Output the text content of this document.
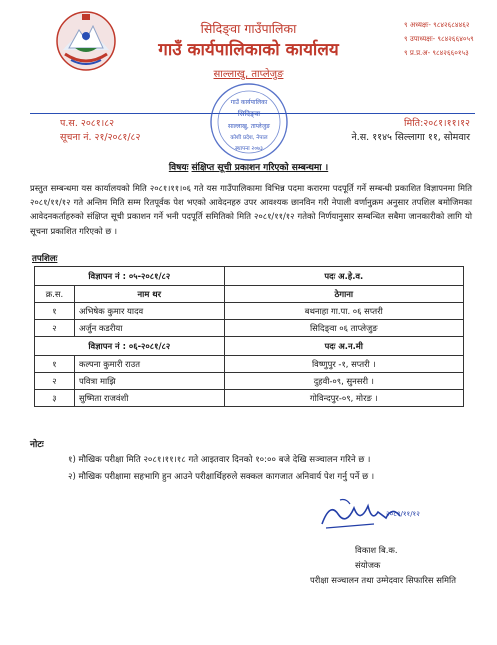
सिदिङ्वा गाउँपालिका
गाउँ कार्यपालिकाको कार्यालय
साल्लाखु, ताप्लेजुङ
९ अध्यक्षः- ९८४२६८४४६२
९ उपाध्यक्षः- ९८४२६६४०५९
९ प्र.प्र.अ- ९८४२६६०१५३
प.स. २०८१।८२
सूचना नं. २१/२०८१/८२
मिति:२०८१।११।१२
ने.स. ११४५ सिल्लागा ११, सोमवार
गाउँ कार्यपालिका
सिदिङ्वा
साल्लाखु, ताप्लेजुङ
कोशी प्रदेश, नेपाल
स्थापना २०७३
विषयः संक्षिप्त सूची प्रकाशन गरिएको सम्बन्धमा ।
प्रस्तुत सम्बन्धमा यस कार्यालयको मिति २०८१।११।०६ गते यस गाउँपालिकामा विभिन्न पदमा करारमा पदपूर्ति गर्ने सम्बन्धी प्रकाशित विज्ञापनमा मिति २०८१/११/१२ गते अन्तिम मिति सम्म रितपूर्वक पेश भएको आवेदनहरु उपर आवश्यक छानविन गरी नेपाली वर्णानुक्रम अनुसार तपशिल बमोजिमका आवेदनकर्ताहरुको संक्षिप्त सूची प्रकाशन गर्ने भनी पदपूर्ति समितिको मिति २०८१/११/१२ गतेको निर्णयानुसार सम्बन्धित सबैमा जानकारीको लागि यो सूचना प्रकाशित गरिएको छ ।
तपशिलः
विज्ञापन नं : ०५-२०८१/८२		पदः अ.हे.व.
क्र.स.	नाम थर	ठेगाना
१	अभिषेक कुमार यादव	बथनाहा गा.पा. ०६ सप्तरी
२	अर्जुन कडरीया	सिदिङ्वा ०६ ताप्लेजुङ
विज्ञापन नं : ०६-२०८१/८२		पदः अ.न.मी
१	कल्पना कुमारी राउत	विष्णुपुर -१, सप्तरी ।
२	पवित्रा माझि	दुहवी-०९, सुनसरी ।
३	सुष्मिता राजवंशी	गोविन्दपुर-०९, मोरङ ।
नोटः
१) मौखिक परीक्षा मिति २०८१।११।१८ गते आइतवार दिनको १०:०० बजे देखि सञ्चालन गरिने छ ।
२) मौखिक परीक्षामा सहभागि हुन आउने परीक्षार्थिहरुले सक्कल कागजात अनिवार्य पेश गर्नु पर्ने छ ।
२०८१/११/१२
विकाश बि.क.
संयोजक
परीक्षा सञ्चालन तथा उम्मेदवार सिफारिस समिति
